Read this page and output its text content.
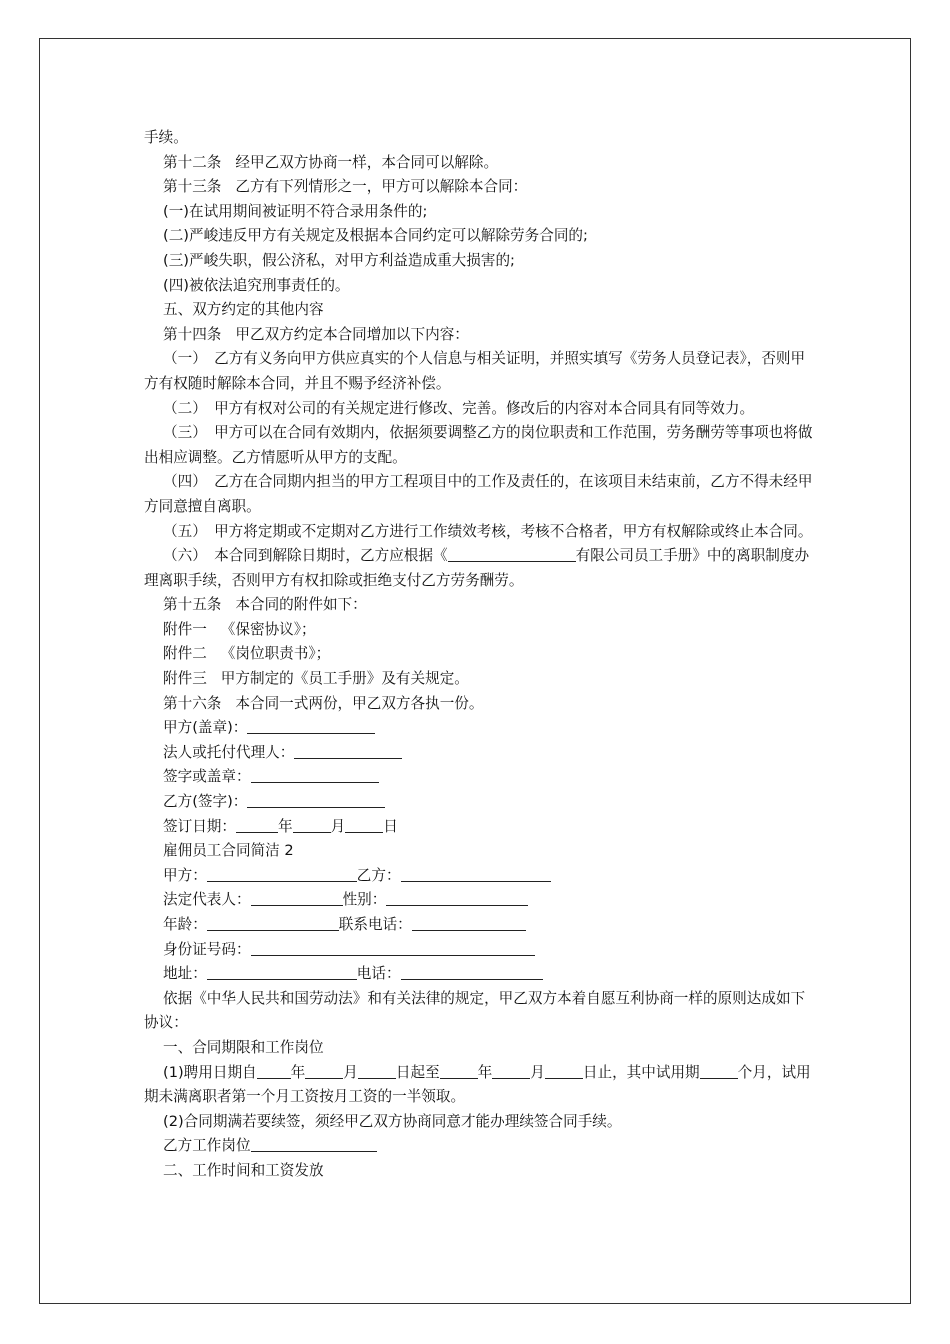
手续。

第十二条 经甲乙双方协商一样，本合同可以解除。

第十三条 乙方有下列情形之一，甲方可以解除本合同：

(一)在试用期间被证明不符合录用条件的;

(二)严峻违反甲方有关规定及根据本合同约定可以解除劳务合同的;

(三)严峻失职，假公济私，对甲方利益造成重大损害的;

(四)被依法追究刑事责任的。

五、双方约定的其他内容

第十四条 甲乙双方约定本合同增加以下内容：

（一）　乙方有义务向甲方供应真实的个人信息与相关证明，并照实填写《劳务人员登记表》，否则甲方有权随时解除本合同，并且不赐予经济补偿。

（二）　甲方有权对公司的有关规定进行修改、完善。修改后的内容对本合同具有同等效力。

（三）　甲方可以在合同有效期内，依据须要调整乙方的岗位职责和工作范围，劳务酬劳等事项也将做出相应调整。乙方情愿听从甲方的支配。

（四）　乙方在合同期内担当的甲方工程项目中的工作及责任的，在该项目未结束前，乙方不得未经甲方同意擅自离职。

（五）　甲方将定期或不定期对乙方进行工作绩效考核，考核不合格者，甲方有权解除或终止本合同。

（六）　本合同到解除日期时，乙方应根据《	有限公司员工手册》中的离职制度办理离职手续，否则甲方有权扣除或拒绝支付乙方劳务酬劳。

第十五条 本合同的附件如下：

附件一 《保密协议》；

附件二 《岗位职责书》；

附件三 甲方制定的《员工手册》及有关规定。

第十六条 本合同一式两份，甲乙双方各执一份。

甲方(盖章)：

法人或托付代理人：

签字或盖章：

乙方(签字)：

签订日期：	年	月	日

雇佣员工合同简洁 2

甲方：	乙方：

法定代表人：	性别：

年龄：	联系电话：

身份证号码：

地址：	电话：

依据《中华人民共和国劳动法》和有关法律的规定，甲乙双方本着自愿互利协商一样的原则达成如下协议：

一、合同期限和工作岗位

(1)聘用日期自 年	月	日起至	年	月	日止，其中试用期	个月，试用期未满离职者第一个月工资按月工资的一半领取。

(2)合同期满若要续签，须经甲乙双方协商同意才能办理续签合同手续。

乙方工作岗位

二、工作时间和工资发放
